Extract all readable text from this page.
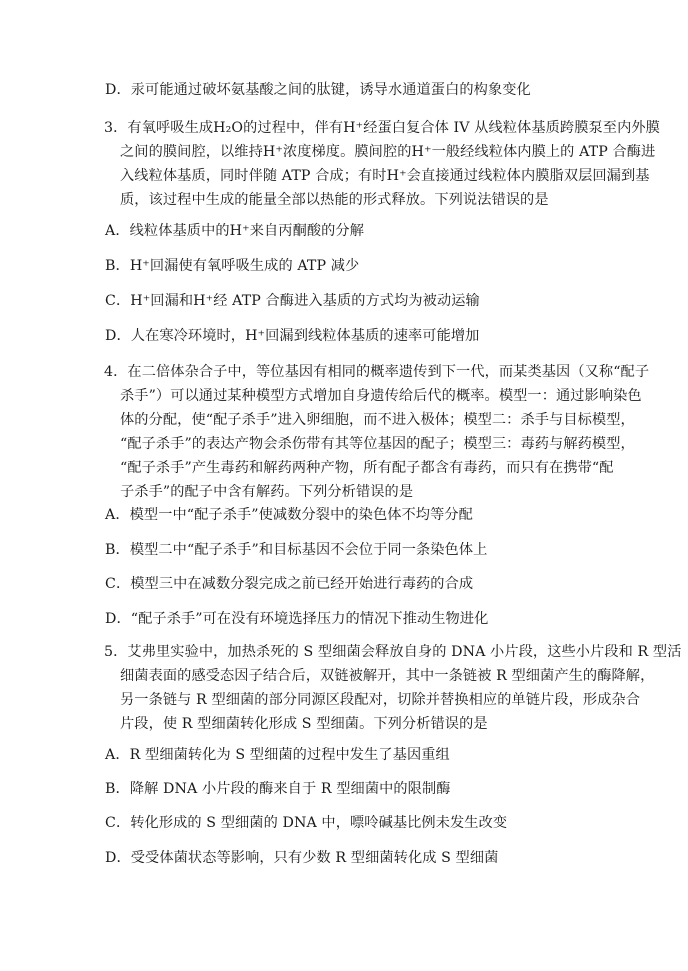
D．汞可能通过破坏氨基酸之间的肽键，诱导水通道蛋白的构象变化
3．有氧呼吸生成H₂O的过程中，伴有H⁺经蛋白复合体 IV 从线粒体基质跨膜泵至内外膜
之间的膜间腔，以维持H⁺浓度梯度。膜间腔的H⁺一般经线粒体内膜上的 ATP 合酶进
入线粒体基质，同时伴随 ATP 合成；有时H⁺会直接通过线粒体内膜脂双层回漏到基
质，该过程中生成的能量全部以热能的形式释放。下列说法错误的是
A．线粒体基质中的H⁺来自丙酮酸的分解
B．H⁺回漏使有氧呼吸生成的 ATP 减少
C．H⁺回漏和H⁺经 ATP 合酶进入基质的方式均为被动运输
D．人在寒冷环境时，H⁺回漏到线粒体基质的速率可能增加
4．在二倍体杂合子中，等位基因有相同的概率遗传到下一代，而某类基因（又称“配子
杀手”）可以通过某种模型方式增加自身遗传给后代的概率。模型一：通过影响染色
体的分配，使“配子杀手”进入卵细胞，而不进入极体；模型二：杀手与目标模型，
“配子杀手”的表达产物会杀伤带有其等位基因的配子；模型三：毒药与解药模型，
“配子杀手”产生毒药和解药两种产物，所有配子都含有毒药，而只有在携带“配
子杀手”的配子中含有解药。下列分析错误的是
A．模型一中“配子杀手”使减数分裂中的染色体不均等分配
B．模型二中“配子杀手”和目标基因不会位于同一条染色体上
C．模型三中在减数分裂完成之前已经开始进行毒药的合成
D．“配子杀手”可在没有环境选择压力的情况下推动生物进化
5．艾弗里实验中，加热杀死的 S 型细菌会释放自身的 DNA 小片段，这些小片段和 R 型活
细菌表面的感受态因子结合后，双链被解开，其中一条链被 R 型细菌产生的酶降解，
另一条链与 R 型细菌的部分同源区段配对，切除并替换相应的单链片段，形成杂合
片段，使 R 型细菌转化形成 S 型细菌。下列分析错误的是
A．R 型细菌转化为 S 型细菌的过程中发生了基因重组
B．降解 DNA 小片段的酶来自于 R 型细菌中的限制酶
C．转化形成的 S 型细菌的 DNA 中，嘌呤碱基比例未发生改变
D．受受体菌状态等影响，只有少数 R 型细菌转化成 S 型细菌
